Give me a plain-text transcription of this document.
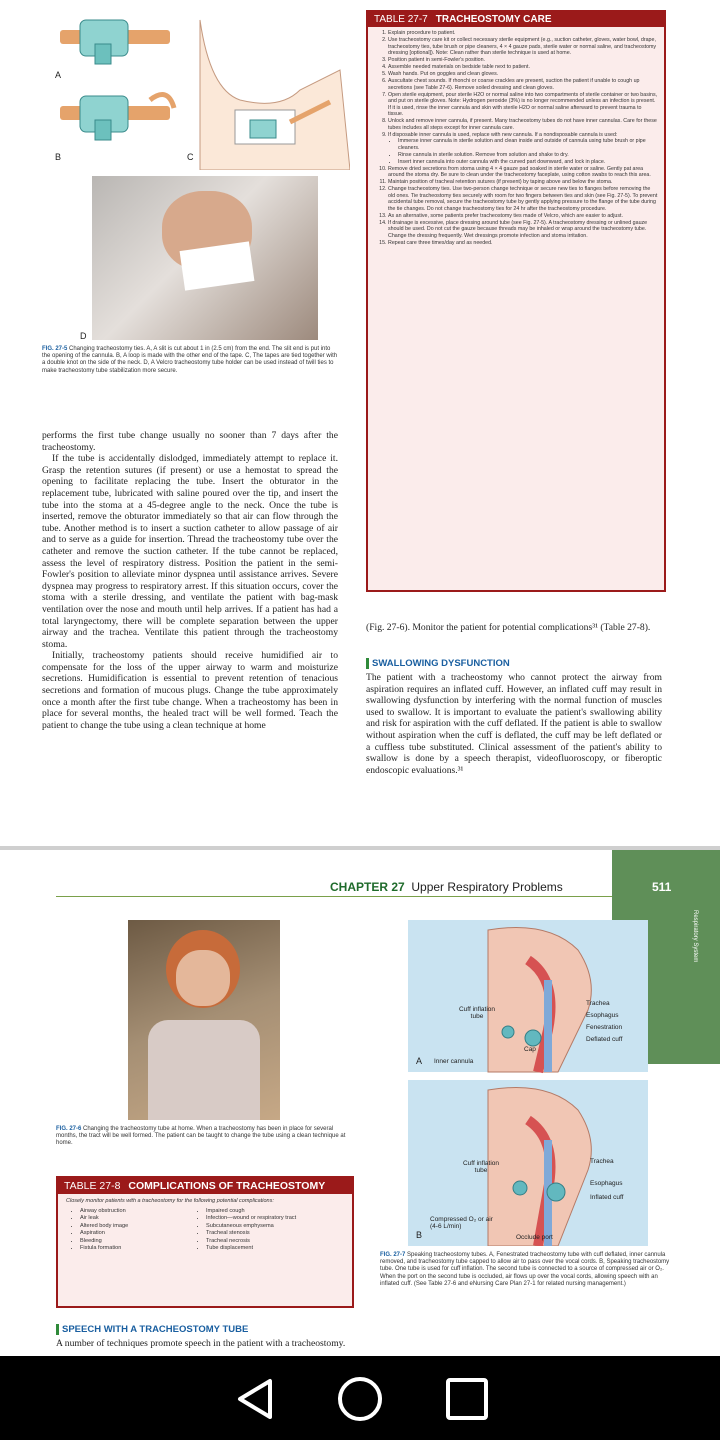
A
B	C
D
FIG. 27-5 Changing tracheostomy ties. A, A slit is cut about 1 in (2.5 cm) from the end. The slit end is put into the opening of the cannula. B, A loop is made with the other end of the tape. C, The tapes are tied together with a double knot on the side of the neck. D, A Velcro tracheostomy tube holder can be used instead of twill ties to make tracheostomy tube stabilization more secure.

performs the first tube change usually no sooner than 7 days after the tracheostomy.

If the tube is accidentally dislodged, immediately attempt to replace it. Grasp the retention sutures (if present) or use a hemostat to spread the opening to facilitate replacing the tube. Insert the obturator in the replacement tube, lubricated with saline poured over the tip, and insert the tube into the stoma at a 45-degree angle to the neck. Once the tube is inserted, remove the obturator immediately so that air can flow through the tube. Another method is to insert a suction catheter to allow passage of air and to serve as a guide for insertion. Thread the tracheostomy tube over the catheter and remove the suction catheter. If the tube cannot be replaced, assess the level of respiratory distress. Position the patient in the semi-Fowler's position to alleviate minor dyspnea until assistance arrives. Severe dyspnea may progress to respiratory arrest. If this situation occurs, cover the stoma with a sterile dressing, and ventilate the patient with bag-mask ventilation over the nose and mouth until help arrives. If a patient has had a total laryngectomy, there will be complete separation between the upper airway and the trachea. Ventilate this patient through the tracheostomy stoma.

Initially, tracheostomy patients should receive humidified air to compensate for the loss of the upper airway to warm and moisturize secretions. Humidification is essential to prevent retention of tenacious secretions and formation of mucous plugs. Change the tube approximately once a month after the first tube change. When a tracheostomy has been in place for several months, the healed tract will be well formed. Teach the patient to change the tube using a clean technique at home

TABLE 27-7 TRACHEOSTOMY CARE
1. Explain procedure to patient.
2. Use tracheostomy care kit or collect necessary sterile equipment (e.g., suction catheter, gloves, water bowl, drape, tracheostomy ties, tube brush or pipe cleaners, 4 × 4 gauze pads, sterile water or normal saline, and tracheostomy dressing [optional]). Note: Clean rather than sterile technique is used at home.
3. Position patient in semi-Fowler's position.
4. Assemble needed materials on bedside table next to patient.
5. Wash hands. Put on goggles and clean gloves.
6. Auscultate chest sounds. If rhonchi or coarse crackles are present, suction the patient if unable to cough up secretions (see Table 27-6). Remove soiled dressing and clean gloves.
7. Open sterile equipment, pour sterile H2O or normal saline into two compartments of sterile container or two basins, and put on sterile gloves. Note: Hydrogen peroxide (3%) is no longer recommended unless an infection is present. If it is used, rinse the inner cannula and skin with sterile H2O or normal saline afterward to prevent trauma to tissue.
8. Unlock and remove inner cannula, if present. Many tracheostomy tubes do not have inner cannulas. Care for these tubes includes all steps except for inner cannula care.
9. If disposable inner cannula is used, replace with new cannula. If a nondisposable cannula is used:
• Immerse inner cannula in sterile solution and clean inside and outside of cannula using tube brush or pipe cleaners.
• Rinse cannula in sterile solution. Remove from solution and shake to dry.
• Insert inner cannula into outer cannula with the curved part downward, and lock in place.
10. Remove dried secretions from stoma using 4 × 4 gauze pad soaked in sterile water or saline. Gently pat area around the stoma dry. Be sure to clean under the tracheostomy faceplate, using cotton swabs to reach this area.
11. Maintain position of tracheal retention sutures (if present) by taping above and below the stoma.
12. Change tracheostomy ties. Use two-person change technique or secure new ties to flanges before removing the old ones. Tie tracheostomy ties securely with room for two fingers between ties and skin (see Fig. 27-5). To prevent accidental tube removal, secure the tracheostomy tube by gently applying pressure to the flange of the tube during the tie changes. Do not change tracheostomy ties for 24 hr after the tracheostomy procedure.
13. As an alternative, some patients prefer tracheostomy ties made of Velcro, which are easier to adjust.
14. If drainage is excessive, place dressing around tube (see Fig. 27-5). A tracheostomy dressing or unlined gauze should be used. Do not cut the gauze because threads may be inhaled or wrap around the tracheostomy tube. Change the dressing frequently. Wet dressings promote infection and stoma irritation.
15. Repeat care three times/day and as needed.

(Fig. 27-6). Monitor the patient for potential complications³¹ (Table 27-8).

SWALLOWING DYSFUNCTION

The patient with a tracheostomy who cannot protect the airway from aspiration requires an inflated cuff. However, an inflated cuff may result in swallowing dysfunction by interfering with the normal function of muscles used to swallow. It is important to evaluate the patient's swallowing ability and risk for aspiration with the cuff deflated. If the patient is able to swallow without aspiration when the cuff is deflated, the cuff may be left deflated or a cuffless tube substituted. Clinical assessment of the patient's ability to swallow is done by a speech therapist, videofluoroscopy, or fiberoptic endoscopic evaluations.³¹

CHAPTER 27 Upper Respiratory Problems	511
Respiratory System
FIG. 27-6 Changing the tracheostomy tube at home. When a tracheostomy has been in place for several months, the tract will be well formed. The patient can be taught to change the tube using a clean technique at home.
TABLE 27-8 COMPLICATIONS OF TRACHEOSTOMY
Closely monitor patients with a tracheostomy for the following potential complications:
• Airway obstruction
• Air leak
• Altered body image
• Aspiration
• Bleeding
• Fistula formation
• Impaired cough
• Infection—wound or respiratory tract
• Subcutaneous emphysema
• Tracheal stenosis
• Tracheal necrosis
• Tube displacement
SPEECH WITH A TRACHEOSTOMY TUBE

A number of techniques promote speech in the patient with a tracheostomy.

Cuff inflation tube
Trachea
Esophagus
Fenestration
Deflated cuff
Cap
A Inner cannula
Cuff inflation tube
Trachea
Esophagus
Inflated cuff
Compressed O₂ or air (4-6 L/min)
Occlude port
B
FIG. 27-7 Speaking tracheostomy tubes. A, Fenestrated tracheostomy tube with cuff deflated, inner cannula removed, and tracheostomy tube capped to allow air to pass over the vocal cords. B, Speaking tracheostomy tube. One tube is used for cuff inflation. The second tube is connected to a source of compressed air or O₂. When the port on the second tube is occluded, air flows up over the vocal cords, allowing speech with an inflated cuff. (See Table 27-6 and eNursing Care Plan 27-1 for related nursing management.)
